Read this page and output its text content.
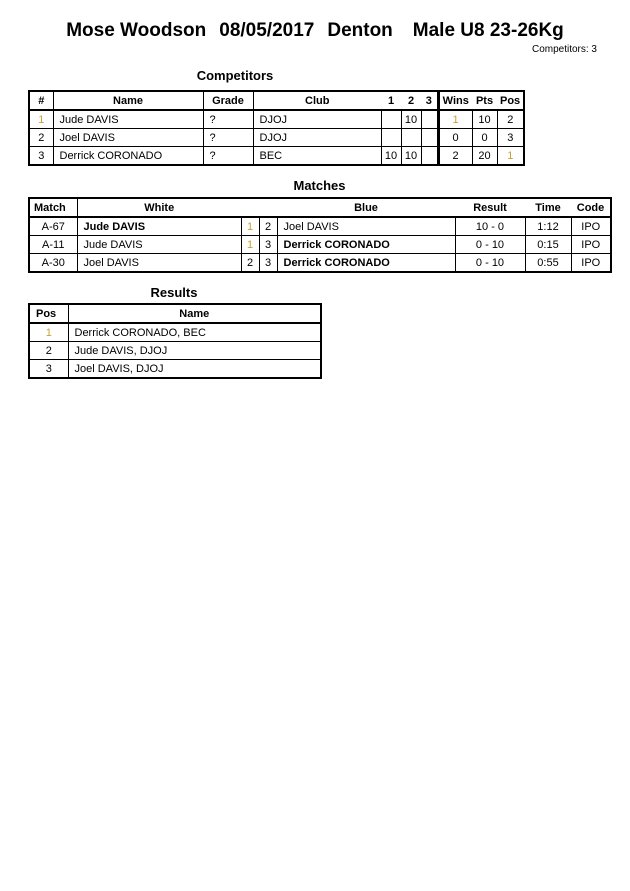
Mose Woodson 08/05/2017 Denton Male U8 23-26Kg
Competitors: 3
Competitors
#	Name	Grade	Club	1	2	3	Wins	Pts	Pos
1	Jude DAVIS	?	DJOJ		10		1	10	2
2	Joel DAVIS	?	DJOJ				0	0	3
3	Derrick CORONADO	?	BEC	10	10		2	20	1
Matches
Match	White			Blue	Result	Time	Code
A-67	Jude DAVIS	1	2	Joel DAVIS	10 - 0	1:12	IPO
A-11	Jude DAVIS	1	3	Derrick CORONADO	0 - 10	0:15	IPO
A-30	Joel DAVIS	2	3	Derrick CORONADO	0 - 10	0:55	IPO
Results
Pos	Name
1	Derrick CORONADO, BEC
2	Jude DAVIS, DJOJ
3	Joel DAVIS, DJOJ
